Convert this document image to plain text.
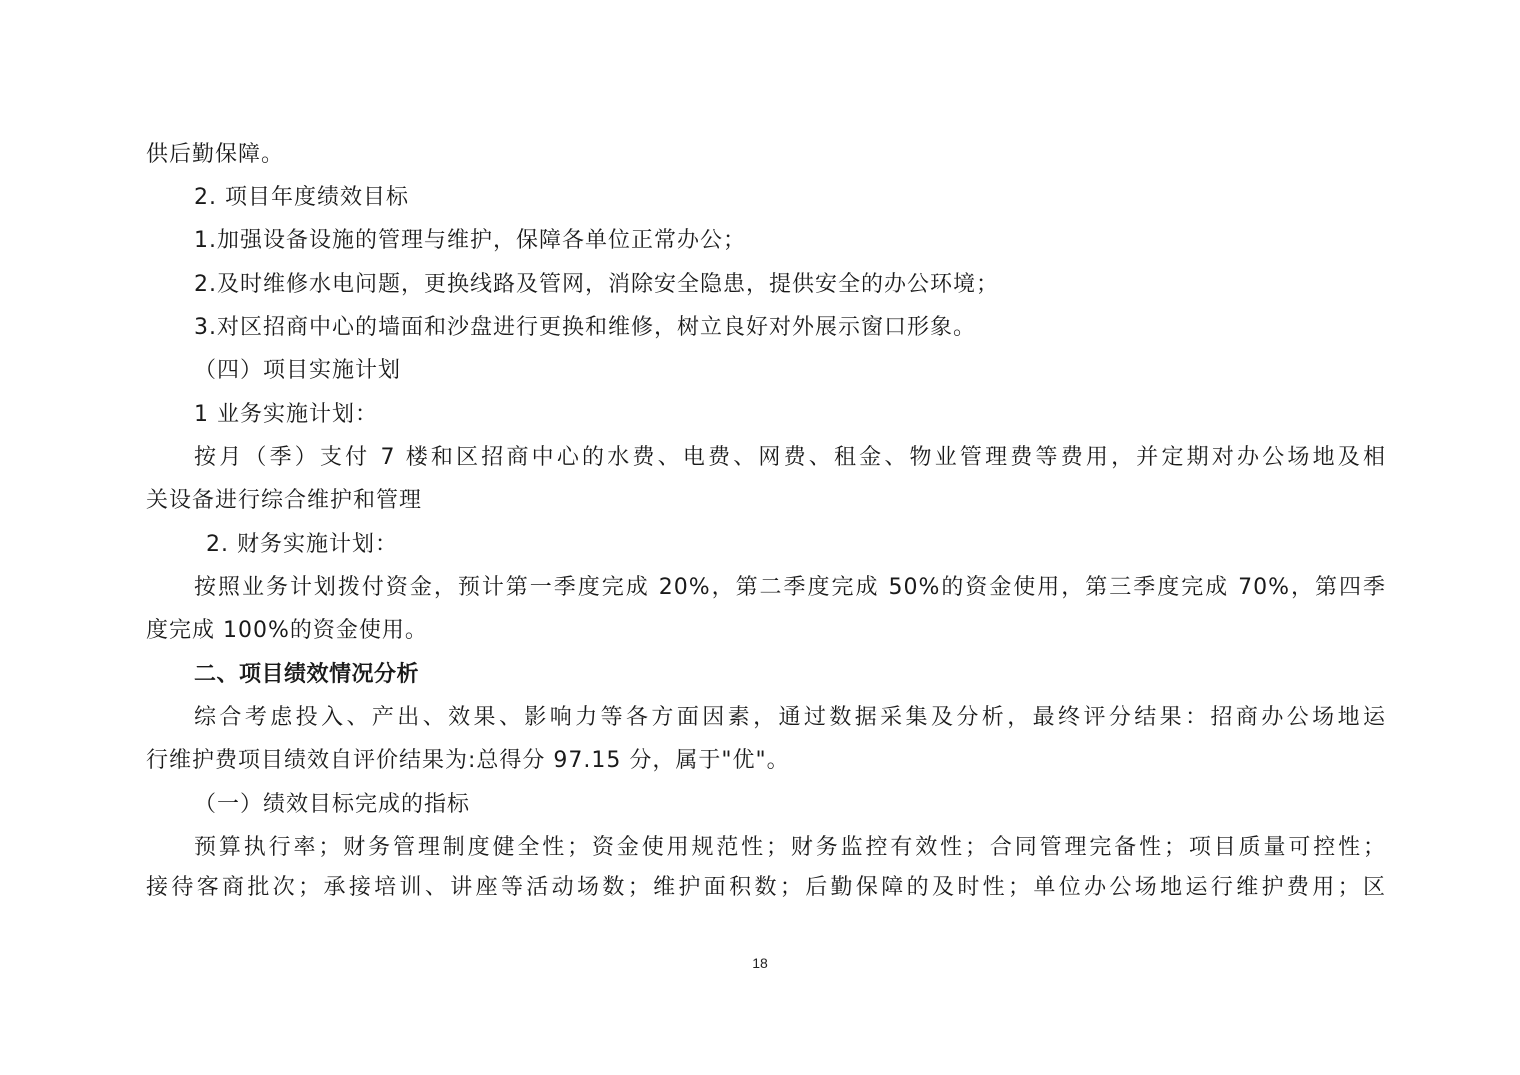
供后勤保障。
2. 项目年度绩效目标
1.加强设备设施的管理与维护，保障各单位正常办公；
2.及时维修水电问题，更换线路及管网，消除安全隐患，提供安全的办公环境；
3.对区招商中心的墙面和沙盘进行更换和维修，树立良好对外展示窗口形象。
（四）项目实施计划
1 业务实施计划：
按月（季）支付 7 楼和区招商中心的水费、电费、网费、租金、物业管理费等费用，并定期对办公场地及相
关设备进行综合维护和管理
2. 财务实施计划：
按照业务计划拨付资金，预计第一季度完成 20%，第二季度完成 50%的资金使用，第三季度完成 70%，第四季
度完成 100%的资金使用。
二、项目绩效情况分析
综合考虑投入、产出、效果、影响力等各方面因素，通过数据采集及分析，最终评分结果：招商办公场地运
行维护费项目绩效自评价结果为:总得分 97.15 分，属于"优"。
（一）绩效目标完成的指标
预算执行率；财务管理制度健全性；资金使用规范性；财务监控有效性；合同管理完备性；项目质量可控性；
接待客商批次；承接培训、讲座等活动场数；维护面积数；后勤保障的及时性；单位办公场地运行维护费用；区
18
